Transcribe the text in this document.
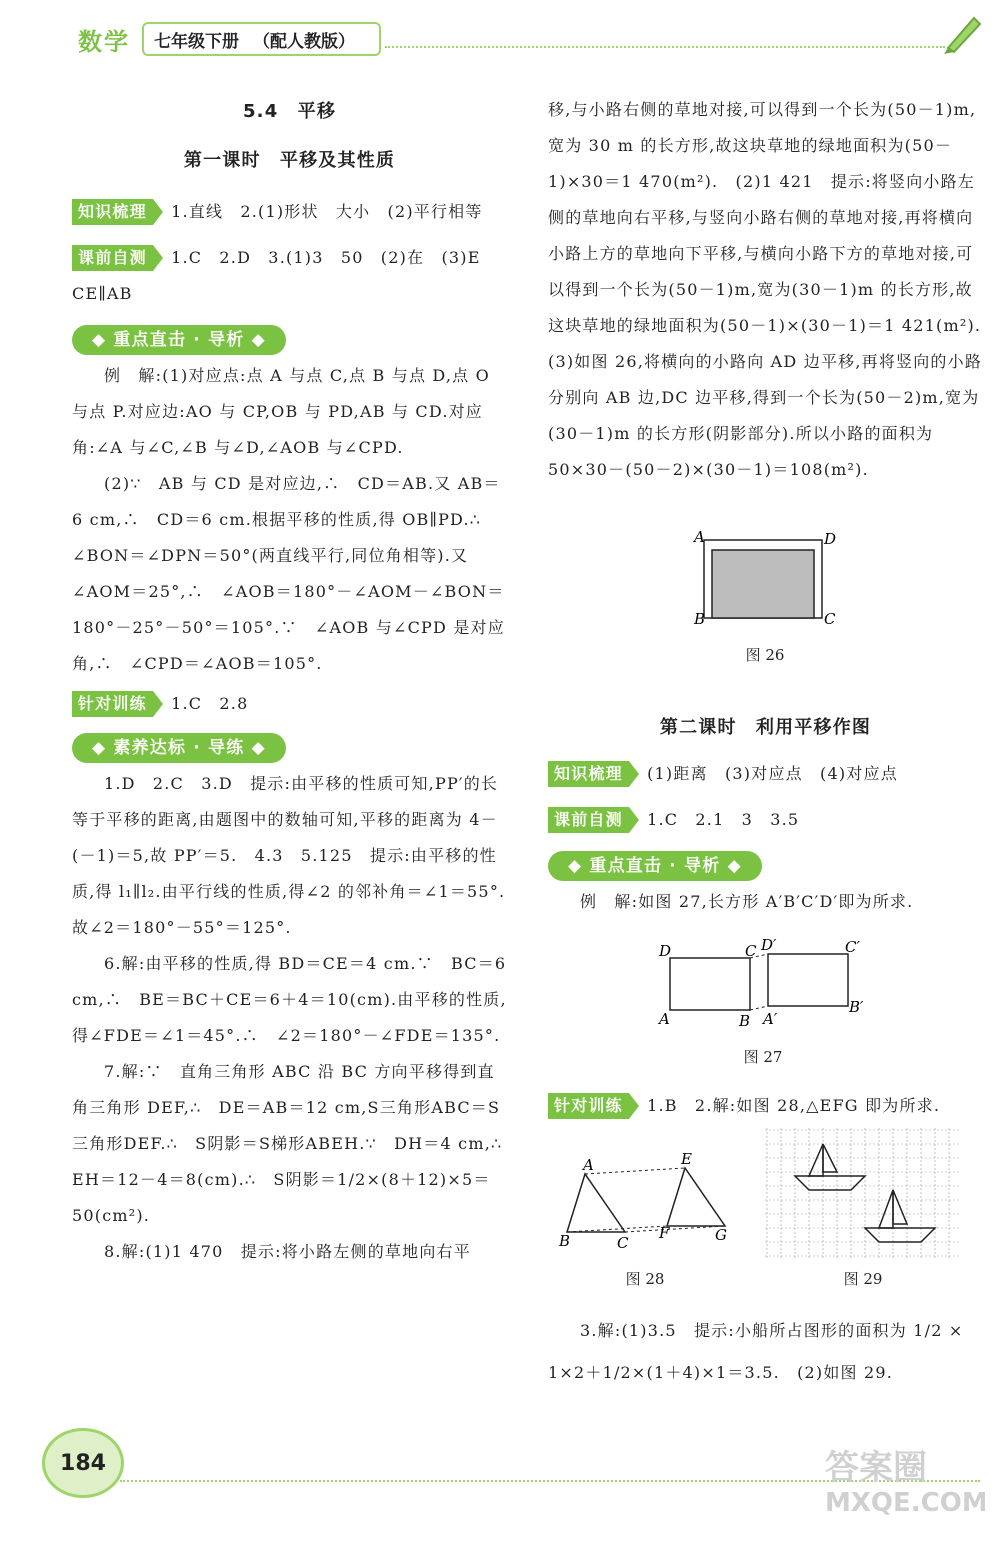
数学 七年级下册 （配人教版）

5.4　平移

第一课时　平移及其性质

知识梳理 1.直线　2.(1)形状　大小　(2)平行相等

课前自测 1.C　2.D　3.(1)3　50　(2)在　(3)E　CE∥AB

◆ 重点直击 · 导析 ◆

例　解:(1)对应点:点 A 与点 C,点 B 与点 D,点 O 与点 P.对应边:AO 与 CP,OB 与 PD,AB 与 CD.对应角:∠A 与∠C,∠B 与∠D,∠AOB 与∠CPD.

(2)∵　AB 与 CD 是对应边,∴　CD＝AB.又 AB＝6 cm,∴　CD＝6 cm.根据平移的性质,得 OB∥PD.∴　∠BON＝∠DPN＝50°(两直线平行,同位角相等).又∠AOM＝25°,∴　∠AOB＝180°－∠AOM－∠BON＝180°－25°－50°＝105°.∵　∠AOB 与∠CPD 是对应角,∴　∠CPD＝∠AOB＝105°.

针对训练 1.C　2.8

◆ 素养达标 · 导练 ◆

1.D　2.C　3.D　提示:由平移的性质可知,PP′的长等于平移的距离,由题图中的数轴可知,平移的距离为 4－(－1)＝5,故 PP′＝5.　4.3　5.125　提示:由平移的性质,得 l₁∥l₂.由平行线的性质,得∠2 的邻补角＝∠1＝55°.故∠2＝180°－55°＝125°.

6.解:由平移的性质,得 BD＝CE＝4 cm.∵　BC＝6 cm,∴　BE＝BC＋CE＝6＋4＝10(cm).由平移的性质,得∠FDE＝∠1＝45°.∴　∠2＝180°－∠FDE＝135°.

7.解:∵　直角三角形 ABC 沿 BC 方向平移得到直角三角形 DEF,∴　DE＝AB＝12 cm,S三角形ABC＝S三角形DEF.∴　S阴影＝S梯形ABEH.∵　DH＝4 cm,∴　EH＝12－4＝8(cm).∴　S阴影＝1/2×(8＋12)×5＝50(cm²).

8.解:(1)1 470　提示:将小路左侧的草地向右平

移,与小路右侧的草地对接,可以得到一个长为(50－1)m,宽为 30 m 的长方形,故这块草地的绿地面积为(50－1)×30＝1 470(m²).　(2)1 421　提示:将竖向小路左侧的草地向右平移,与竖向小路右侧的草地对接,再将横向小路上方的草地向下平移,与横向小路下方的草地对接,可以得到一个长为(50－1)m,宽为(30－1)m 的长方形,故这块草地的绿地面积为(50－1)×(30－1)＝1 421(m²).　(3)如图 26,将横向的小路向 AD 边平移,再将竖向的小路分别向 AB 边,DC 边平移,得到一个长为(50－2)m,宽为(30－1)m 的长方形(阴影部分).所以小路的面积为 50×30－(50－2)×(30－1)＝108(m²).

A	D
B	C
图 26

第二课时　利用平移作图

知识梳理 (1)距离　(3)对应点　(4)对应点

课前自测 1.C　2.1　3　3.5

◆ 重点直击 · 导析 ◆

例　解:如图 27,长方形 A′B′C′D′即为所求.

D	C D′	C′
A	B A′
B′
图 27

针对训练 1.B　2.解:如图 28,△EFG 即为所求.

A
B	C
E
F	G
图 28	图 29

3.解:(1)3.5　提示:小船所占图形的面积为 1/2 ×

1×2＋1/2×(1＋4)×1＝3.5.　(2)如图 29.

184	答案圈
MXQE.COM
